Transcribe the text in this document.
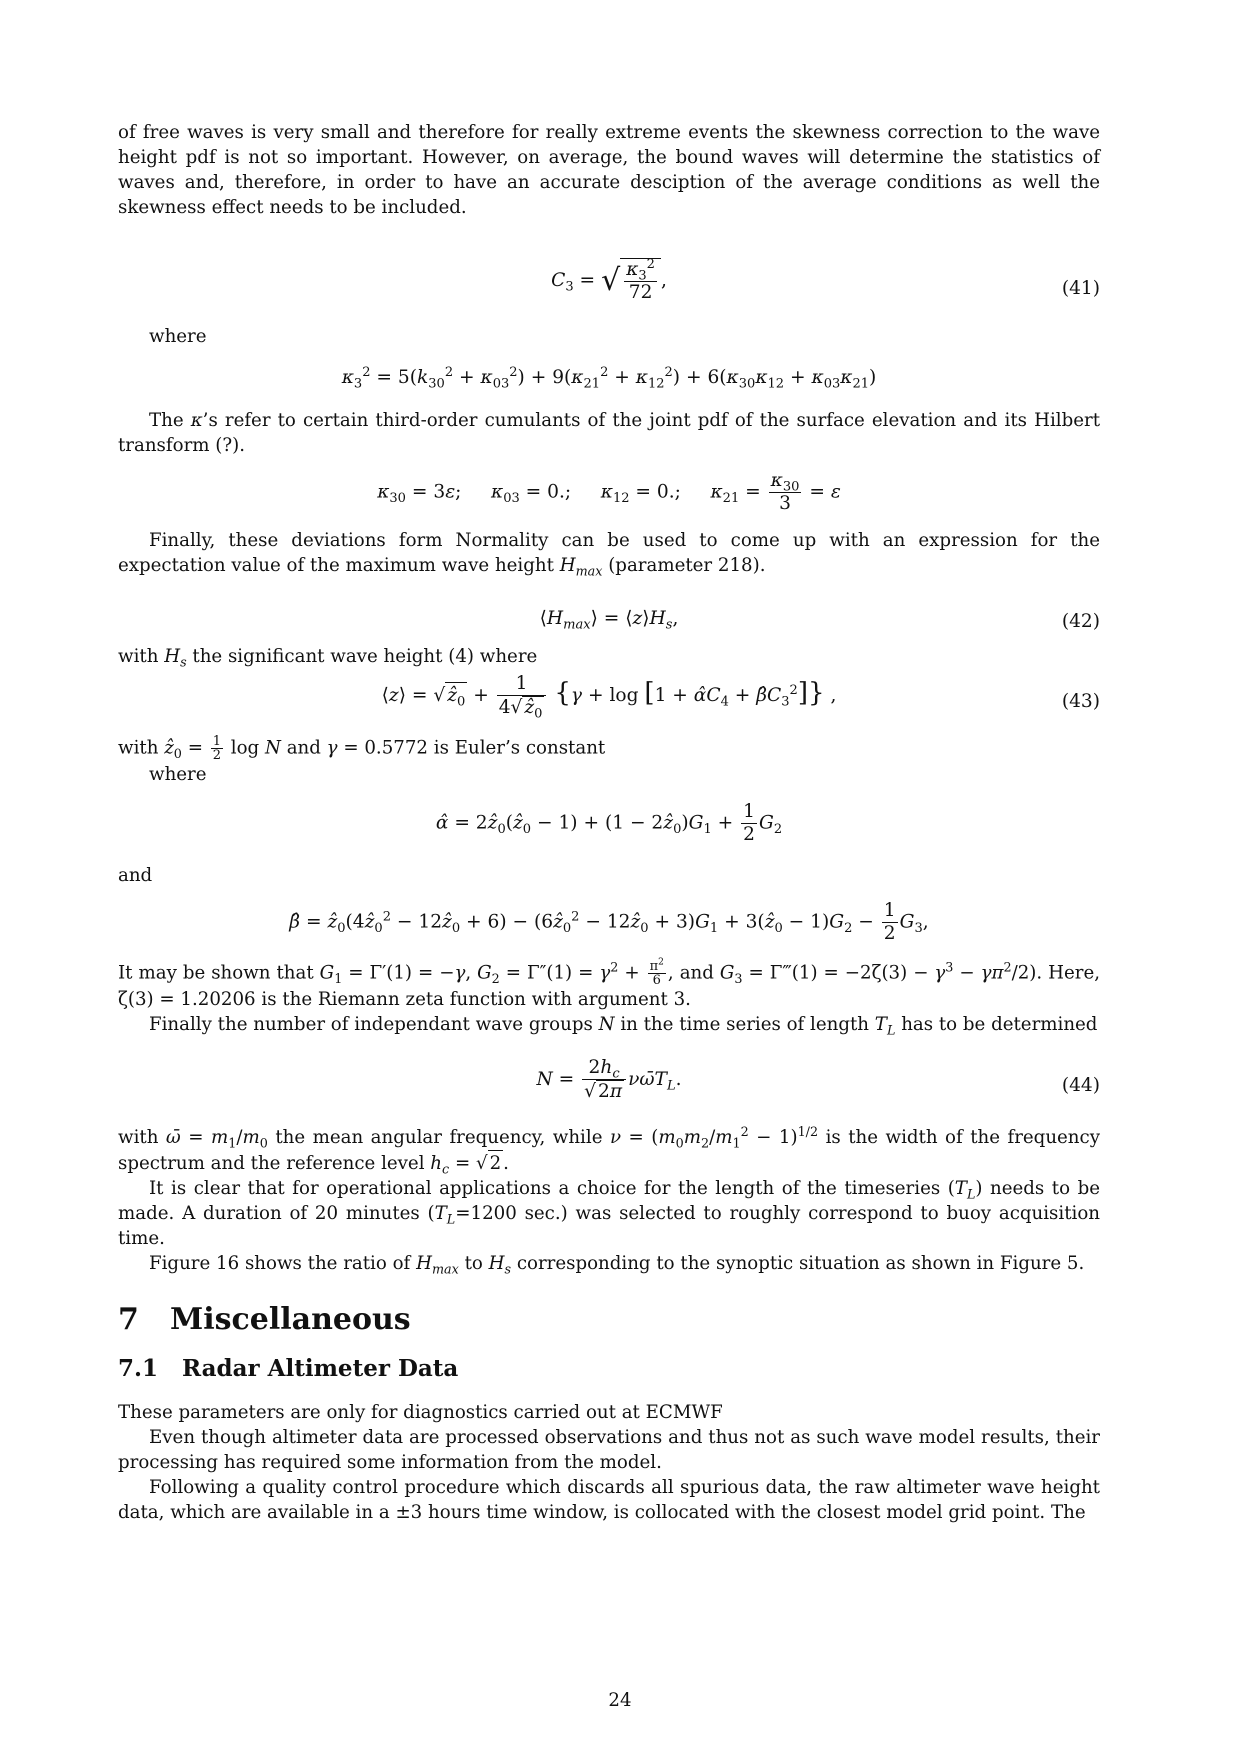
of free waves is very small and therefore for really extreme events the skewness correction to the wave height pdf is not so important. However, on average, the bound waves will determine the statistics of waves and, therefore, in order to have an accurate desciption of the average conditions as well the skewness effect needs to be included.

$C_3$ = √ $\frac{\kappa_3^2}{72}$ ,	(41)

where

$\kappa_3^2 = 5(k_{30}^2 + \kappa_{03}^2) + 9(\kappa_{21}^2 + \kappa_{12}^2) + 6(\kappa_{30}\kappa_{12} + \kappa_{03}\kappa_{21})$

The κ’s refer to certain third-order cumulants of the joint pdf of the surface elevation and its Hilbert transform (?).

$\kappa_{30} = 3\varepsilon$;     $\kappa_{03} = 0$.;     $\kappa_{12} = 0$.;     $\kappa_{21} = \frac{\kappa_{30}}{3} = \varepsilon$

Finally, these deviations form Normality can be used to come up with an expression for the expectation value of the maximum wave height $H_{max}$ (parameter 218).

$⟨H_{max}⟩$ = $⟨z⟩H_s$,	(42)

with $H_s$ the significant wave height (4) where

⟨z⟩ = √ ẑ$_0$ + $\frac{1}{4√ ẑ_0} \{\gamma + \log [1$ + $\alphâC_4$ + $\betâC_3^2$]} ,	(43)

with ẑ$_0$ = $\frac{1}{2}$ log N and γ = 0.5772 is Euler’s constant

where

α̂ = 2ẑ$_0$(ẑ$_0$ − $1) + (1 - 2ẑ_0)G_1 + \frac{1}{2} G_2$

and

β̂ = ẑ$_0$(4ẑ$_0^2$ − 12ẑ$_0$ + 6) − (6ẑ$_0^2$ − 12ẑ$_0$ + $3)G_1$ + 3(ẑ$_0$ − $1)G_2 - \frac{1}{2} G_3$,

It may be shown that $G_1 = \Gamma'(1) = -\gamma$, $G_2 = \Gamma''(1) = \gamma^2 + \frac{\pi^2}{6}$ , and $G_3$ = Γ‴(1) = $-2\zeta(3) - \gamma^3 - \gamma\pi^2/2$). Here, ζ(3) = 1.20206 is the Riemann zeta function with argument 3.

Finally the number of independant wave groups N in the time series of length $T_L$ has to be determined

$N = \frac{2h_c}{√ 2\pi}$ $\nu\omegāT_L$.	(44)

with ω̄ = $m_1/m_0$ the mean angular frequency, while $\nu = (m_0m_2/m_1^2 - 1)^{1/2}$ is the width of the frequency spectrum and the reference level $h_c$ = √ 2 .

It is clear that for operational applications a choice for the length of the timeseries $(T_L)$ needs to be made. A duration of 20 minutes ($T_L=1200$ sec.) was selected to roughly correspond to buoy acquisition time.

Figure 16 shows the ratio of $H_{max}$ to $H_s$ corresponding to the synoptic situation as shown in Figure 5.

7 Miscellaneous
7.1 Radar Altimeter Data

These parameters are only for diagnostics carried out at ECMWF

Even though altimeter data are processed observations and thus not as such wave model results, their processing has required some information from the model.

Following a quality control procedure which discards all spurious data, the raw altimeter wave height data, which are available in a ±3 hours time window, is collocated with the closest model grid point. The

24
